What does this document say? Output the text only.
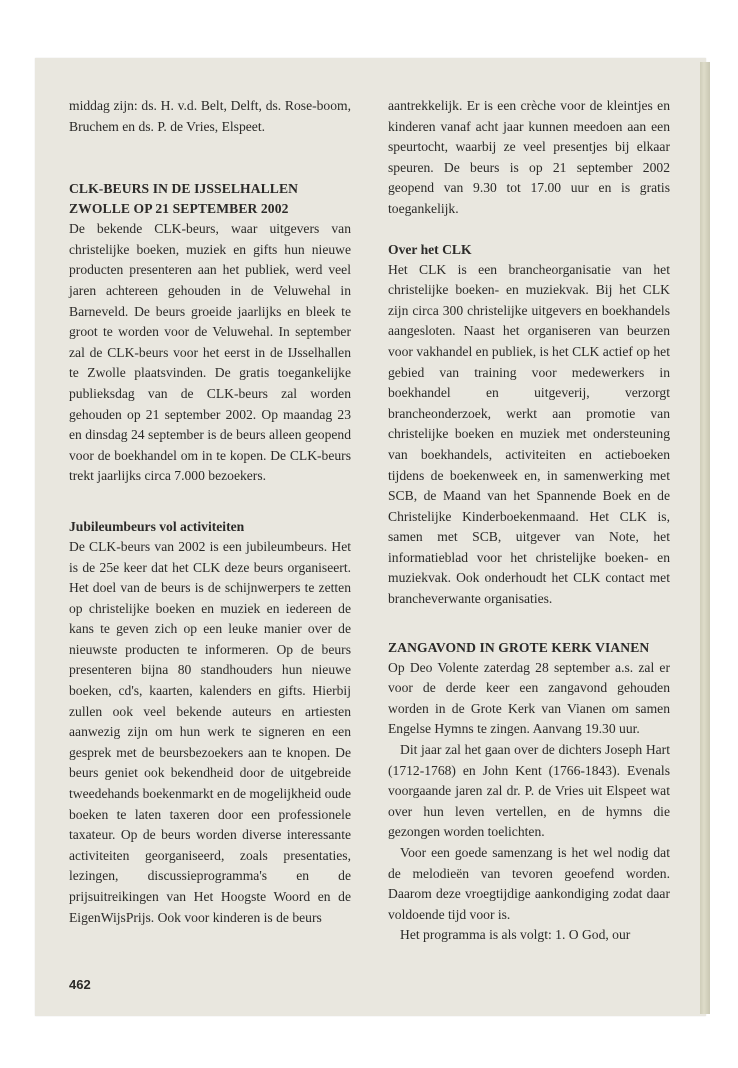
middag zijn: ds. H. v.d. Belt, Delft, ds. Rose-boom, Bruchem en ds. P. de Vries, Elspeet.

CLK-BEURS IN DE IJSSELHALLEN

ZWOLLE OP 21 SEPTEMBER 2002

De bekende CLK-beurs, waar uitgevers van christelijke boeken, muziek en gifts hun nieuwe producten presenteren aan het publiek, werd veel jaren achtereen gehouden in de Veluwehal in Barneveld. De beurs groeide jaarlijks en bleek te groot te worden voor de Veluwehal. In september zal de CLK-beurs voor het eerst in de IJsselhallen te Zwolle plaatsvinden. De gratis toegankelijke publieksdag van de CLK-beurs zal worden gehouden op 21 september 2002. Op maandag 23 en dinsdag 24 september is de beurs alleen geopend voor de boekhandel om in te kopen. De CLK-beurs trekt jaarlijks circa 7.000 bezoekers.

Jubileumbeurs vol activiteiten

De CLK-beurs van 2002 is een jubileumbeurs. Het is de 25e keer dat het CLK deze beurs organiseert. Het doel van de beurs is de schijnwerpers te zetten op christelijke boeken en muziek en iedereen de kans te geven zich op een leuke manier over de nieuwste producten te informeren. Op de beurs presenteren bijna 80 standhouders hun nieuwe boeken, cd's, kaarten, kalenders en gifts. Hierbij zullen ook veel bekende auteurs en artiesten aanwezig zijn om hun werk te signeren en een gesprek met de beursbezoekers aan te knopen. De beurs geniet ook bekendheid door de uitgebreide tweedehands boekenmarkt en de mogelijkheid oude boeken te laten taxeren door een professionele taxateur. Op de beurs worden diverse interessante activiteiten georganiseerd, zoals presentaties, lezingen, discussieprogramma's en de prijsuitreikingen van Het Hoogste Woord en de EigenWijsPrijs. Ook voor kinderen is de beurs

aantrekkelijk. Er is een crèche voor de kleintjes en kinderen vanaf acht jaar kunnen meedoen aan een speurtocht, waarbij ze veel presentjes bij elkaar speuren. De beurs is op 21 september 2002 geopend van 9.30 tot 17.00 uur en is gratis toegankelijk.

Over het CLK

Het CLK is een brancheorganisatie van het christelijke boeken- en muziekvak. Bij het CLK zijn circa 300 christelijke uitgevers en boekhandels aangesloten. Naast het organiseren van beurzen voor vakhandel en publiek, is het CLK actief op het gebied van training voor medewerkers in boekhandel en uitgeverij, verzorgt brancheonderzoek, werkt aan promotie van christelijke boeken en muziek met ondersteuning van boekhandels, activiteiten en actieboeken tijdens de boekenweek en, in samenwerking met SCB, de Maand van het Spannende Boek en de Christelijke Kinderboekenmaand. Het CLK is, samen met SCB, uitgever van Note, het informatieblad voor het christelijke boeken- en muziekvak. Ook onderhoudt het CLK contact met brancheverwante organisaties.

ZANGAVOND IN GROTE KERK VIANEN

Op Deo Volente zaterdag 28 september a.s. zal er voor de derde keer een zangavond gehouden worden in de Grote Kerk van Vianen om samen Engelse Hymns te zingen. Aanvang 19.30 uur.

Dit jaar zal het gaan over de dichters Joseph Hart (1712-1768) en John Kent (1766-1843). Evenals voorgaande jaren zal dr. P. de Vries uit Elspeet wat over hun leven vertellen, en de hymns die gezongen worden toelichten.

Voor een goede samenzang is het wel nodig dat de melodieën van tevoren geoefend worden. Daarom deze vroegtijdige aankondiging zodat daar voldoende tijd voor is.

Het programma is als volgt: 1. O God, our

462
